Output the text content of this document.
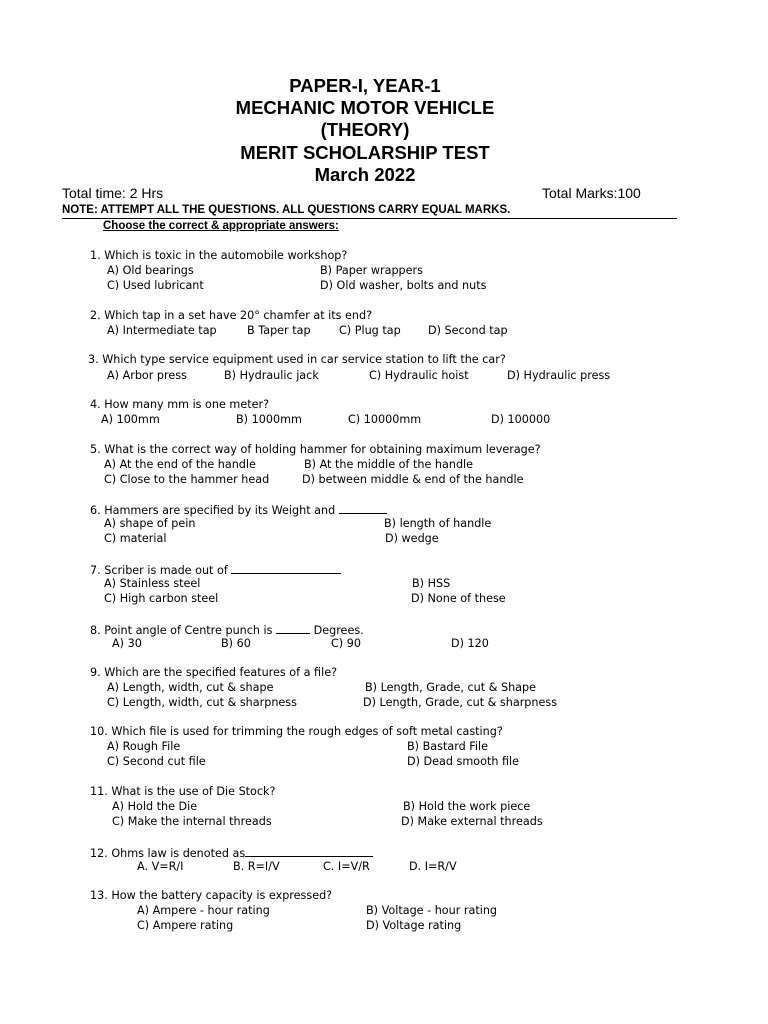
PAPER-I, YEAR-1
MECHANIC MOTOR VEHICLE
(THEORY)
MERIT SCHOLARSHIP TEST
March 2022
Total time: 2 Hrs	Total Marks:100
NOTE: ATTEMPT ALL THE QUESTIONS. ALL QUESTIONS CARRY EQUAL MARKS.
Choose the correct & appropriate answers:
1. Which is toxic in the automobile workshop?
A) Old bearings	B) Paper wrappers
C) Used lubricant	D) Old washer, bolts and nuts
2. Which tap in a set have 20° chamfer at its end?
A) Intermediate tap	B Taper tap	C) Plug tap D) Second tap
3. Which type service equipment used in car service station to lift the car?
A) Arbor press	B) Hydraulic jack	C) Hydraulic hoist	D) Hydraulic press
4. How many mm is one meter?
A) 100mm	B) 1000mm	C) 10000mm	D) 100000
5. What is the correct way of holding hammer for obtaining maximum leverage?
A) At the end of the handle	B) At the middle of the handle
C) Close to the hammer head	D) between middle & end of the handle
6. Hammers are specified by its Weight and
A) shape of pein	B) length of handle
C) material	D) wedge
7. Scriber is made out of
A) Stainless steel	B) HSS
C) High carbon steel	D) None of these
8. Point angle of Centre punch is	Degrees.
A) 30	B) 60	C) 90	D) 120
9. Which are the specified features of a file?
A) Length, width, cut & shape	B) Length, Grade, cut & Shape
C) Length, width, cut & sharpness	D) Length, Grade, cut & sharpness
10. Which file is used for trimming the rough edges of soft metal casting?
A) Rough File	B) Bastard File
C) Second cut file	D) Dead smooth file
11. What is the use of Die Stock?
A) Hold the Die	B) Hold the work piece
C) Make the internal threads	D) Make external threads
12. Ohms law is denoted as
A. V=R/I	B. R=I/V	C. I=V/R	D. I=R/V
13. How the battery capacity is expressed?
A) Ampere - hour rating	B) Voltage - hour rating
C) Ampere rating	D) Voltage rating
